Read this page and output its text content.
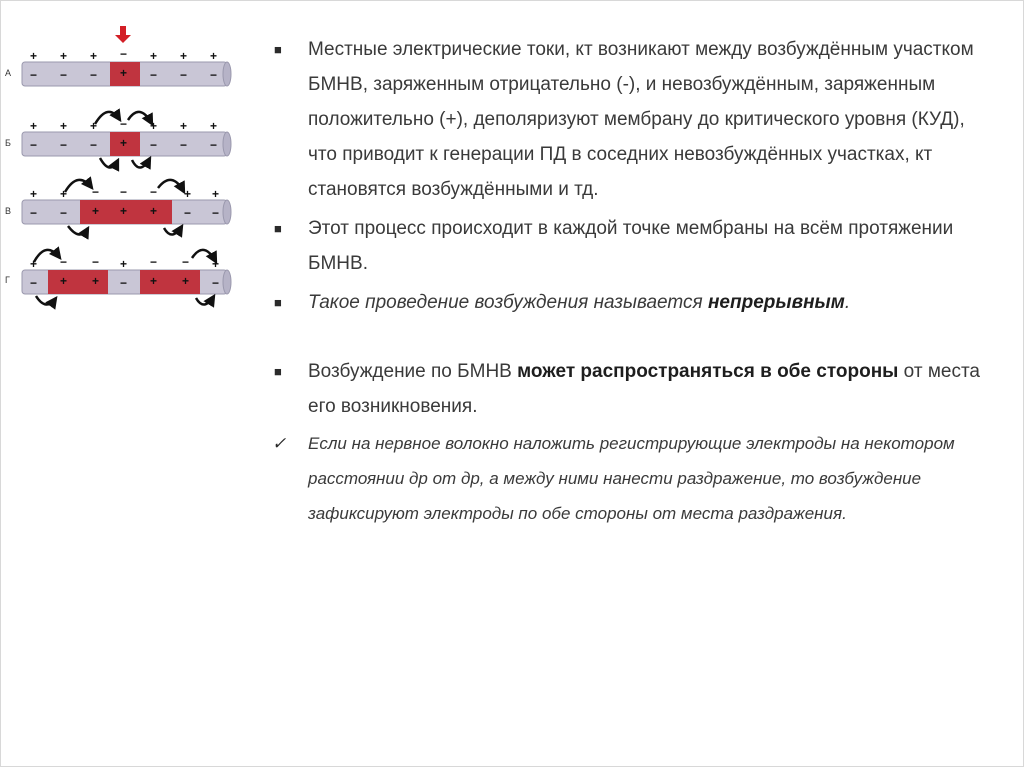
А
+ + + − + + +
− − − + − − −
Б
+ + + − + + +
− − − + − − −
В
+ + − − − + +
− − + + + − −
Г
+ − − + − − +
− + + − + + −
■ Местные электрические токи, кт возникают между возбуждённым участком БМНВ, заряженным отрицательно (-), и невозбуждённым, заряженным положительно (+), деполяризуют мембрану до критического уровня (КУД), что приводит к генерации ПД в соседних невозбуждённых участках, кт становятся возбуждёнными и тд.
■ Этот процесс происходит в каждой точке мембраны на всём протяжении БМНВ.
■ Такое проведение возбуждения называется непрерывным.
■ Возбуждение по БМНВ может распространяться в обе стороны от места его возникновения.
✓ Если на нервное волокно наложить регистрирующие электроды на некотором расстоянии др от др, а между ними нанести раздражение, то возбуждение зафиксируют электроды по обе стороны от места раздражения.
